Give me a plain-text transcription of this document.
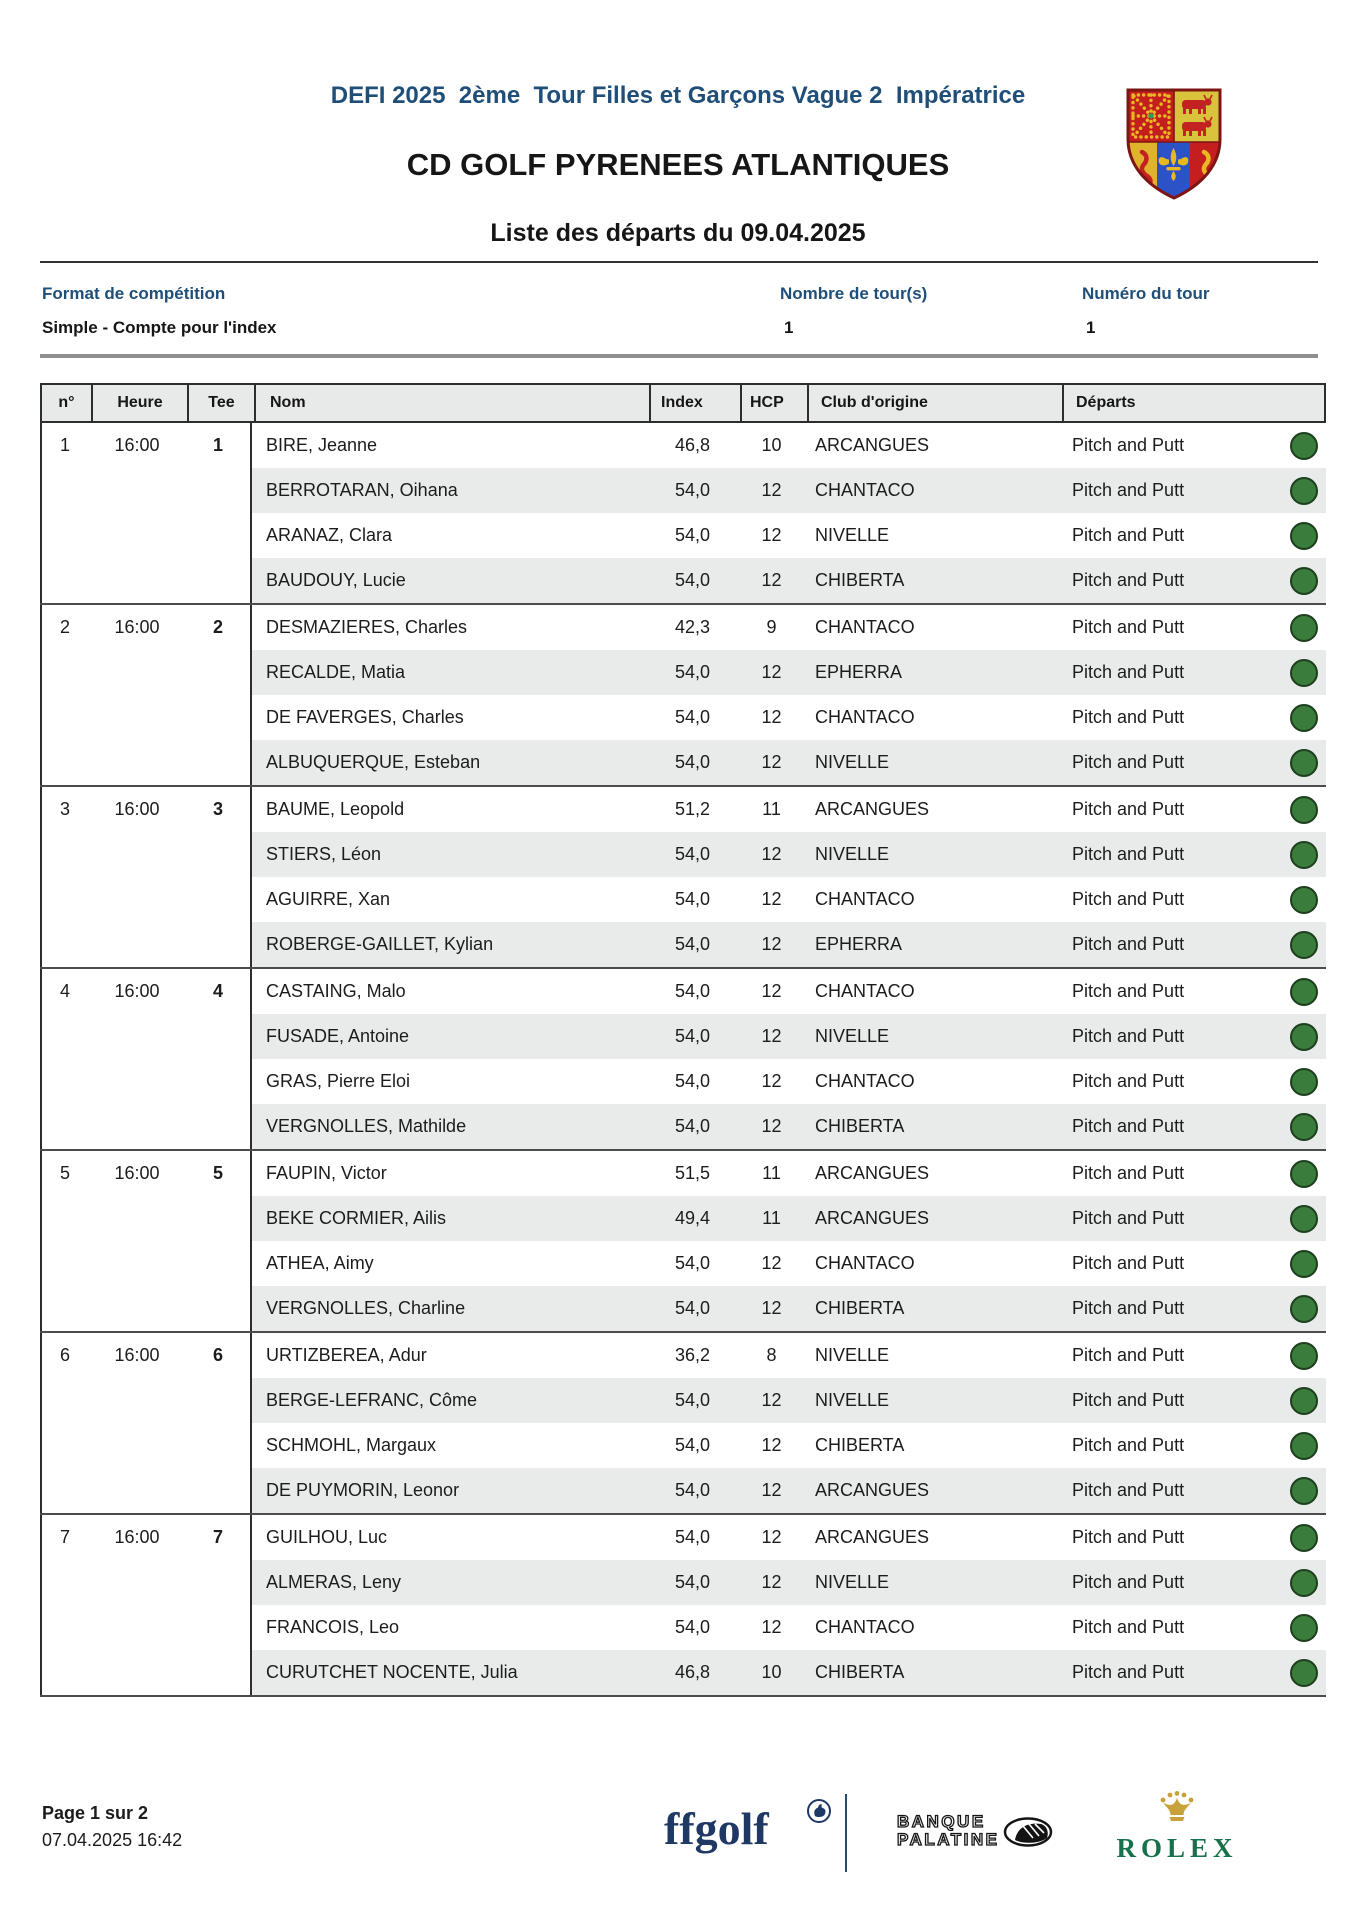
DEFI 2025  2ème  Tour Filles et Garçons Vague 2  Impératrice
CD GOLF PYRENEES ATLANTIQUES
Liste des départs du 09.04.2025
Format de compétition	Nombre de tour(s)	Numéro du tour
Simple - Compte pour l'index	1	1
n°	Heure	Tee	Nom	Index	HCP	Club d'origine	Départs
1	16:00	1	BIRE, Jeanne	46,8	10	ARCANGUES	Pitch and Putt
BERROTARAN, Oihana	54,0	12	CHANTACO	Pitch and Putt
ARANAZ, Clara	54,0	12	NIVELLE	Pitch and Putt
BAUDOUY, Lucie	54,0	12	CHIBERTA	Pitch and Putt
2	16:00	2	DESMAZIERES, Charles	42,3	9	CHANTACO	Pitch and Putt
RECALDE, Matia	54,0	12	EPHERRA	Pitch and Putt
DE FAVERGES, Charles	54,0	12	CHANTACO	Pitch and Putt
ALBUQUERQUE, Esteban	54,0	12	NIVELLE	Pitch and Putt
3	16:00	3	BAUME, Leopold	51,2	11	ARCANGUES	Pitch and Putt
STIERS, Léon	54,0	12	NIVELLE	Pitch and Putt
AGUIRRE, Xan	54,0	12	CHANTACO	Pitch and Putt
ROBERGE-GAILLET, Kylian	54,0	12	EPHERRA	Pitch and Putt
4	16:00	4	CASTAING, Malo	54,0	12	CHANTACO	Pitch and Putt
FUSADE, Antoine	54,0	12	NIVELLE	Pitch and Putt
GRAS, Pierre Eloi	54,0	12	CHANTACO	Pitch and Putt
VERGNOLLES, Mathilde	54,0	12	CHIBERTA	Pitch and Putt
5	16:00	5	FAUPIN, Victor	51,5	11	ARCANGUES	Pitch and Putt
BEKE CORMIER, Ailis	49,4	11	ARCANGUES	Pitch and Putt
ATHEA, Aimy	54,0	12	CHANTACO	Pitch and Putt
VERGNOLLES, Charline	54,0	12	CHIBERTA	Pitch and Putt
6	16:00	6	URTIZBEREA, Adur	36,2	8	NIVELLE	Pitch and Putt
BERGE-LEFRANC, Côme	54,0	12	NIVELLE	Pitch and Putt
SCHMOHL, Margaux	54,0	12	CHIBERTA	Pitch and Putt
DE PUYMORIN, Leonor	54,0	12	ARCANGUES	Pitch and Putt
7	16:00	7	GUILHOU, Luc	54,0	12	ARCANGUES	Pitch and Putt
ALMERAS, Leny	54,0	12	NIVELLE	Pitch and Putt
FRANCOIS, Leo	54,0	12	CHANTACO	Pitch and Putt
CURUTCHET NOCENTE, Julia	46,8	10	CHIBERTA	Pitch and Putt
Page 1 sur 2
07.04.2025 16:42	ffgolf	BANQUE
PALATINE	ROLEX
